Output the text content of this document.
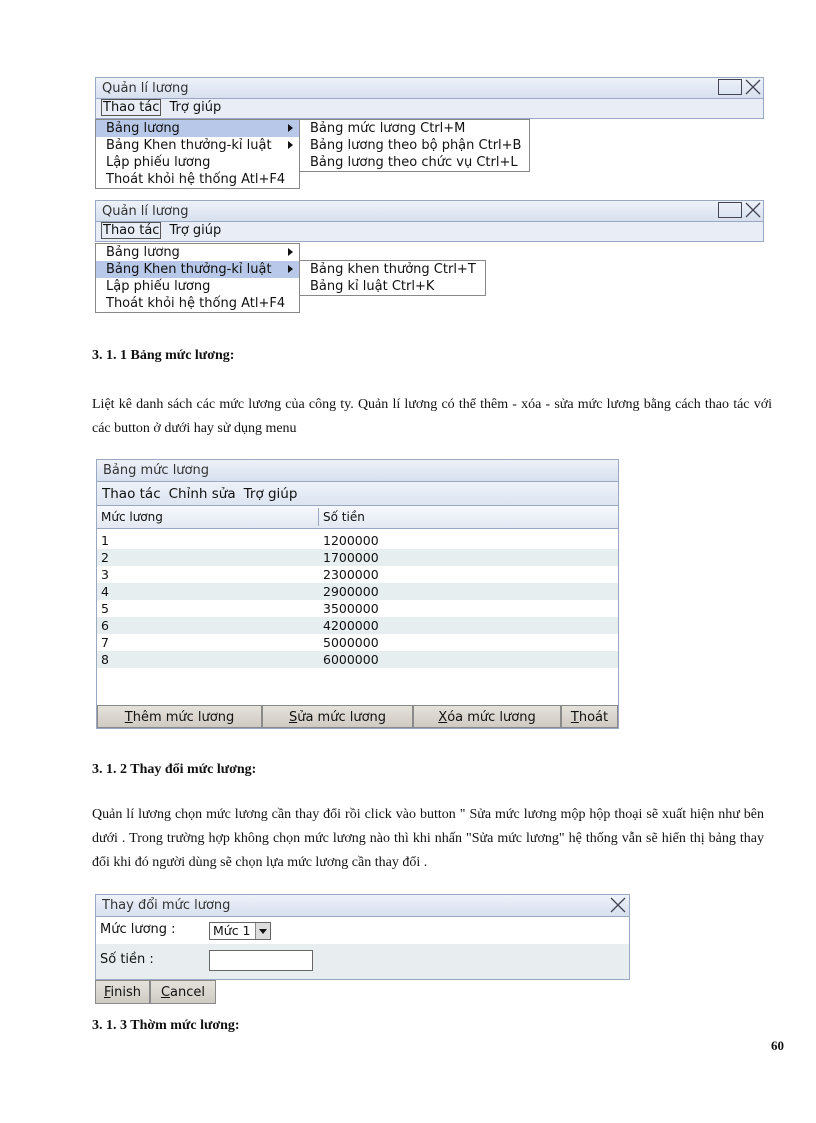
Quản lí lương
Thao tác Trợ giúp
Bảng lương
Bảng Khen thưởng-kỉ luật
Lập phiếu lương
Thoát khỏi hệ thống Atl+F4
Bảng mức lương Ctrl+M
Bảng lương theo bộ phận Ctrl+B
Bảng lương theo chức vụ Ctrl+L
Quản lí lương
Thao tác Trợ giúp
Bảng lương
Bảng Khen thưởng-kỉ luật
Lập phiếu lương
Thoát khỏi hệ thống Atl+F4
Bảng khen thưởng Ctrl+T
Bảng kỉ luật Ctrl+K
3. 1. 1 Bảng mức lương:
Liệt kê danh sách các mức lương của công ty. Quản lí lương có thể thêm - xóa - sửa mức lương bằng cách thao tác với các button ở dưới hay sử dụng menu
Bảng mức lương
Thao tác Chỉnh sửa Trợ giúp
Mức lương	Số tiền
1	1200000
2	1700000
3	2300000
4	2900000
5	3500000
6	4200000
7	5000000
8	6000000
Thêm mức lương	Sửa mức lương	Xóa mức lương	Thoát
3. 1. 2 Thay đổi mức lương:
Quản lí lương chọn mức lương cần thay đổi rồi click vào button " Sửa mức lương mộp hộp thoại sẽ xuất hiện như bên dưới . Trong trường hợp không chọn mức lương nào thì khi nhấn "Sửa mức lương" hệ thống vẫn sẽ hiển thị bảng thay đổi khi đó người dùng sẽ chọn lựa mức lương cần thay đổi .
Thay đổi mức lương
Mức lương :	Mức 1
Số tiền :
Finish	Cancel
3. 1. 3 Thờm mức lương:
60
